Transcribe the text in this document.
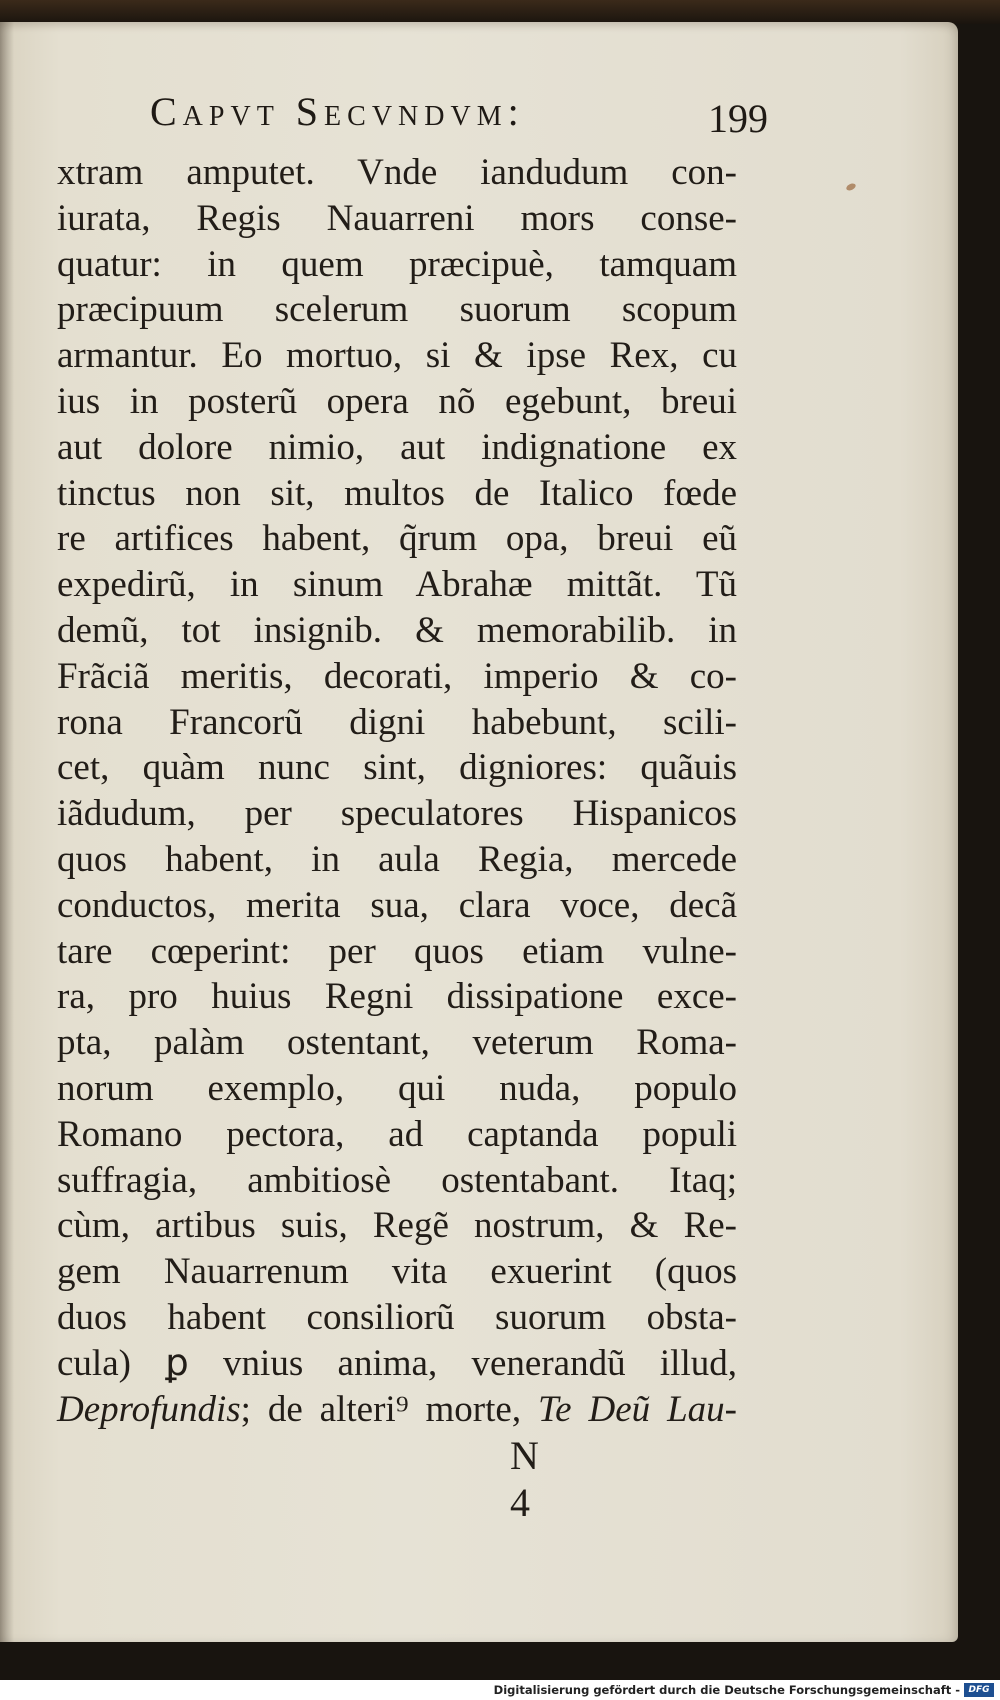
Capvt Secvndvm:	199
xtram amputet. Vnde iandudum con-
iurata, Regis Nauarreni mors conse-
quatur: in quem præcipuè, tamquam
præcipuum scelerum suorum scopum
armantur. Eo mortuo, si & ipse Rex, cu
ius in posterũ opera nõ egebunt, breui
aut dolore nimio, aut indignatione ex
tinctus non sit, multos de Italico fœde
re artifices habent, q̃rum opa, breui eũ
expedirũ, in sinum Abrahæ mittãt. Tũ
demũ, tot insignib. & memorabilib. in
Frãciã meritis, decorati, imperio & co-
rona Francorũ digni habebunt, scili-
cet, quàm nunc sint, digniores: quãuis
iãdudum, per speculatores Hispanicos
quos habent, in aula Regia, mercede
conductos, merita sua, clara voce, decã
tare cœperint: per quos etiam vulne-
ra, pro huius Regni dissipatione exce-
pta, palàm ostentant, veterum Roma-
norum exemplo, qui nuda, populo
Romano pectora, ad captanda populi
suffragia, ambitiosè ostentabant. Itaq;
cùm, artibus suis, Regẽ nostrum, & Re-
gem Nauarrenum vita exuerint (quos
duos habent consiliorũ suorum obsta-
cula) ꝑ vnius anima, venerandũ illud,
Deprofundis; de alteri⁹ morte, Te Deũ Lau-
N 4
Digitalisierung gefördert durch die Deutsche Forschungsgemeinschaft - DFG
